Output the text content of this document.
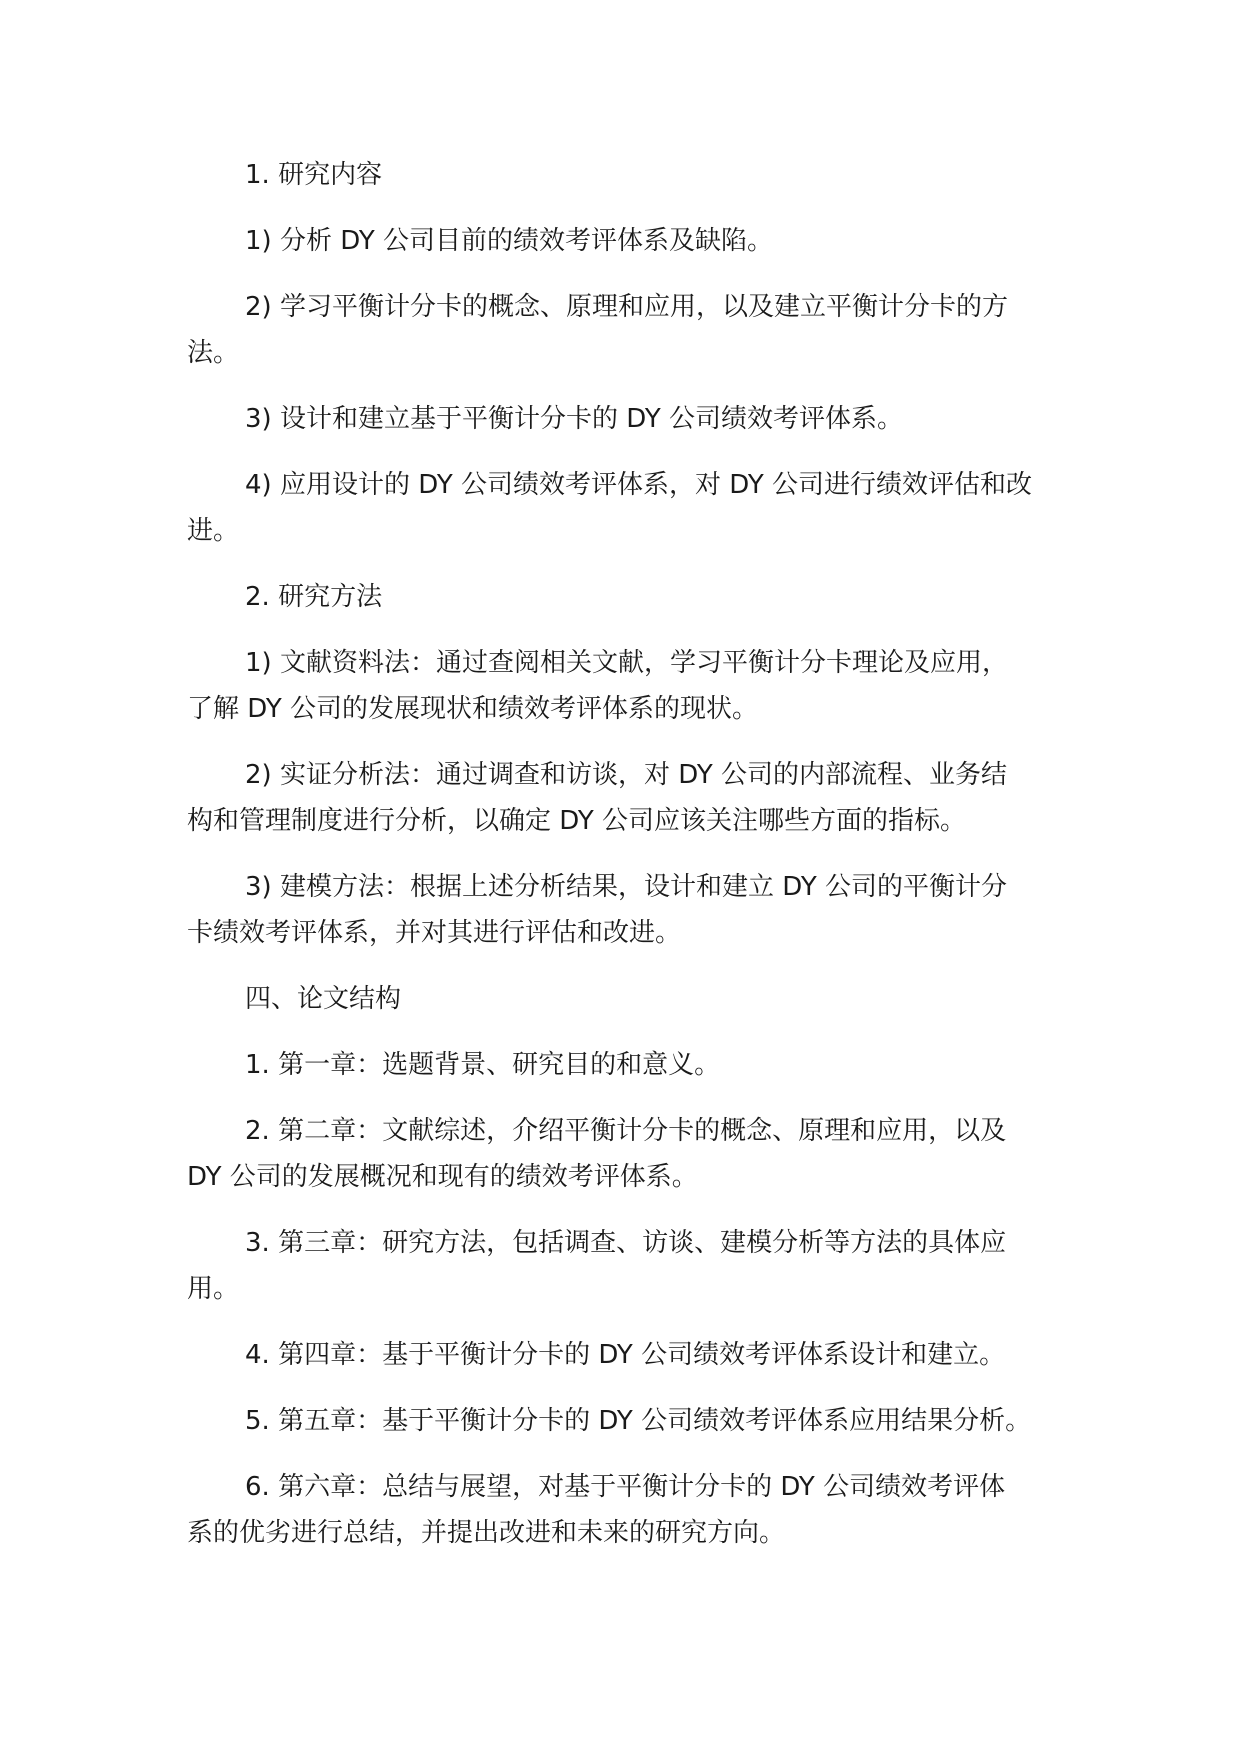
1. 研究内容

1) 分析 DY 公司目前的绩效考评体系及缺陷。

2) 学习平衡计分卡的概念、原理和应用，以及建立平衡计分卡的方
法。

3) 设计和建立基于平衡计分卡的 DY 公司绩效考评体系。

4) 应用设计的 DY 公司绩效考评体系，对 DY 公司进行绩效评估和改
进。

2. 研究方法

1) 文献资料法：通过查阅相关文献，学习平衡计分卡理论及应用，
了解 DY 公司的发展现状和绩效考评体系的现状。

2) 实证分析法：通过调查和访谈，对 DY 公司的内部流程、业务结
构和管理制度进行分析，以确定 DY 公司应该关注哪些方面的指标。

3) 建模方法：根据上述分析结果，设计和建立 DY 公司的平衡计分
卡绩效考评体系，并对其进行评估和改进。

四、论文结构

1. 第一章：选题背景、研究目的和意义。

2. 第二章：文献综述，介绍平衡计分卡的概念、原理和应用，以及
DY 公司的发展概况和现有的绩效考评体系。

3. 第三章：研究方法，包括调查、访谈、建模分析等方法的具体应
用。

4. 第四章：基于平衡计分卡的 DY 公司绩效考评体系设计和建立。

5. 第五章：基于平衡计分卡的 DY 公司绩效考评体系应用结果分析。

6. 第六章：总结与展望，对基于平衡计分卡的 DY 公司绩效考评体
系的优劣进行总结，并提出改进和未来的研究方向。
